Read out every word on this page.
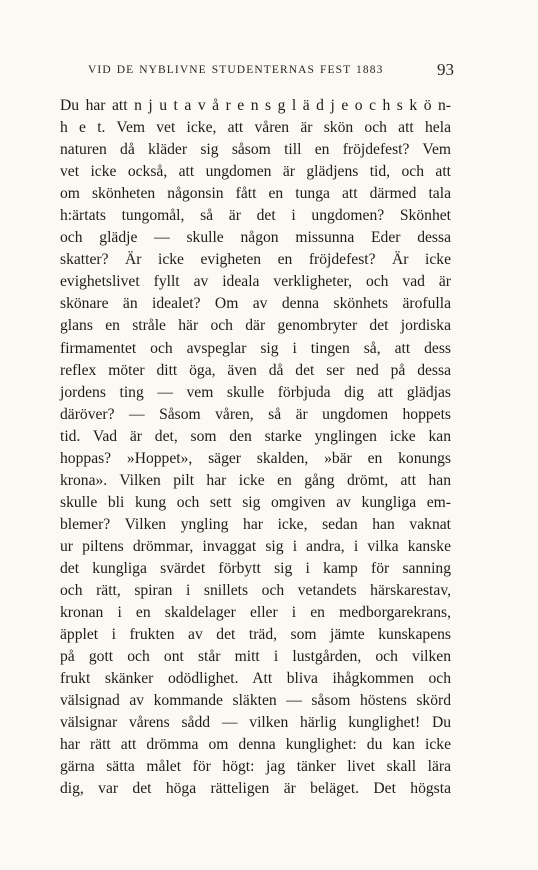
VID DE NYBLIVNE STUDENTERNAS FEST 1883	93
Du har att n j u t a v å r e n s g l ä d j e o c h s k ö n-
h e t. Vem vet icke, att våren är skön och att hela
naturen då kläder sig såsom till en fröjdefest? Vem
vet icke också, att ungdomen är glädjens tid, och att
om skönheten någonsin fått en tunga att därmed tala
h:ärtats tungomål, så är det i ungdomen? Skönhet
och glädje — skulle någon missunna Eder dessa
skatter? Är icke evigheten en fröjdefest? Är icke
evighetslivet fyllt av ideala verkligheter, och vad är
skönare än idealet? Om av denna skönhets ärofulla
glans en stråle här och där genombryter det jordiska
firmamentet och avspeglar sig i tingen så, att dess
reflex möter ditt öga, även då det ser ned på dessa
jordens ting — vem skulle förbjuda dig att glädjas
däröver? — Såsom våren, så är ungdomen hoppets
tid. Vad är det, som den starke ynglingen icke kan
hoppas? »Hoppet», säger skalden, »bär en konungs
krona». Vilken pilt har icke en gång drömt, att han
skulle bli kung och sett sig omgiven av kungliga em-
blemer? Vilken yngling har icke, sedan han vaknat
ur piltens drömmar, invaggat sig i andra, i vilka kanske
det kungliga svärdet förbytt sig i kamp för sanning
och rätt, spiran i snillets och vetandets härskarestav,
kronan i en skaldelager eller i en medborgarekrans,
äpplet i frukten av det träd, som jämte kunskapens
på gott och ont står mitt i lustgården, och vilken
frukt skänker odödlighet. Att bliva ihågkommen och
välsignad av kommande släkten — såsom höstens skörd
välsignar vårens sådd — vilken härlig kunglighet! Du
har rätt att drömma om denna kunglighet: du kan icke
gärna sätta målet för högt: jag tänker livet skall lära
dig, var det höga rätteligen är beläget. Det högsta
